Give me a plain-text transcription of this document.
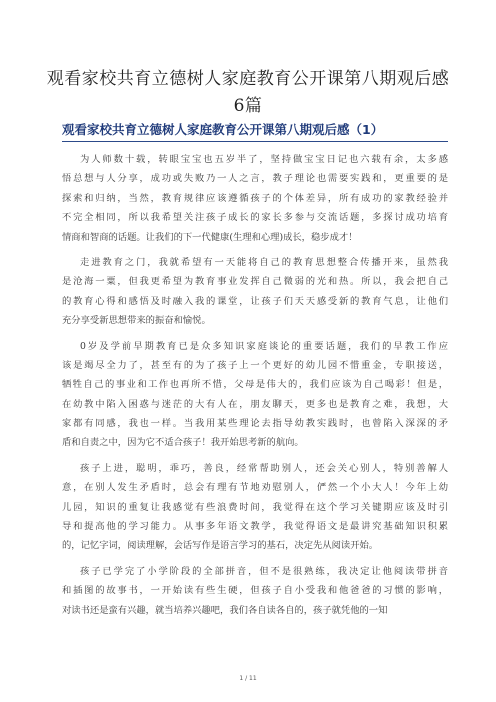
观看家校共育立德树人家庭教育公开课第八期观后感
6篇
观看家校共育立德树人家庭教育公开课第八期观后感（1）
为人师数十载，转眼宝宝也五岁半了，坚持做宝宝日记也六载有余，太多感
悟总想与人分享，成功或失败乃一人之言，教子理论也需要实践和，更重要的是
探索和归纳，当然，教育规律应该遵循孩子的个体差异，所有成功的家教经验并
不完全相同，所以我希望关注孩子成长的家长多参与交流话题，多探讨成功培育
情商和智商的话题。让我们的下一代健康(生理和心理)成长，稳步成才！
走进教育之门，我就希望有一天能将自己的教育思想整合传播开来，虽然我
是沧海一粟，但我更希望为教育事业发挥自己微弱的光和热。所以，我会把自己
的教育心得和感悟及时融入我的课堂，让孩子们天天感受新的教育气息，让他们
充分享受新思想带来的振奋和愉悦。
0岁及学前早期教育已是众多知识家庭谈论的重要话题，我们的早教工作应
该是竭尽全力了，甚至有的为了孩子上一个更好的幼儿园不惜重金，专职接送，
牺牲自己的事业和工作也再所不惜，父母是伟大的，我们应该为自己喝彩！但是，
在幼教中陷入困惑与迷茫的大有人在，朋友聊天，更多也是教育之难，我想，大
家都有同感，我也一样。当我用某些理论去指导幼教实践时，也曾陷入深深的矛
盾和自责之中，因为它不适合孩子！我开始思考新的航向。
孩子上进，聪明，乖巧，善良，经常帮助别人，还会关心别人，特别善解人
意，在别人发生矛盾时，总会有理有节地劝慰别人，俨然一个小大人！今年上幼
儿园，知识的重复让我感觉有些浪费时间，我觉得在这个学习关键期应该及时引
导和提高他的学习能力。从事多年语文教学，我觉得语文是最讲究基础知识积累
的，记忆字词，阅读理解，会话写作是语言学习的基石，决定先从阅读开始。
孩子已学完了小学阶段的全部拼音，但不是很熟练，我决定让他阅读带拼音
和插图的故事书，一开始读有些生硬，但孩子自小受我和他爸爸的习惯的影响，
对读书还是蛮有兴趣，就当培养兴趣吧，我们各自读各自的，孩子就凭他的一知
1 / 11
